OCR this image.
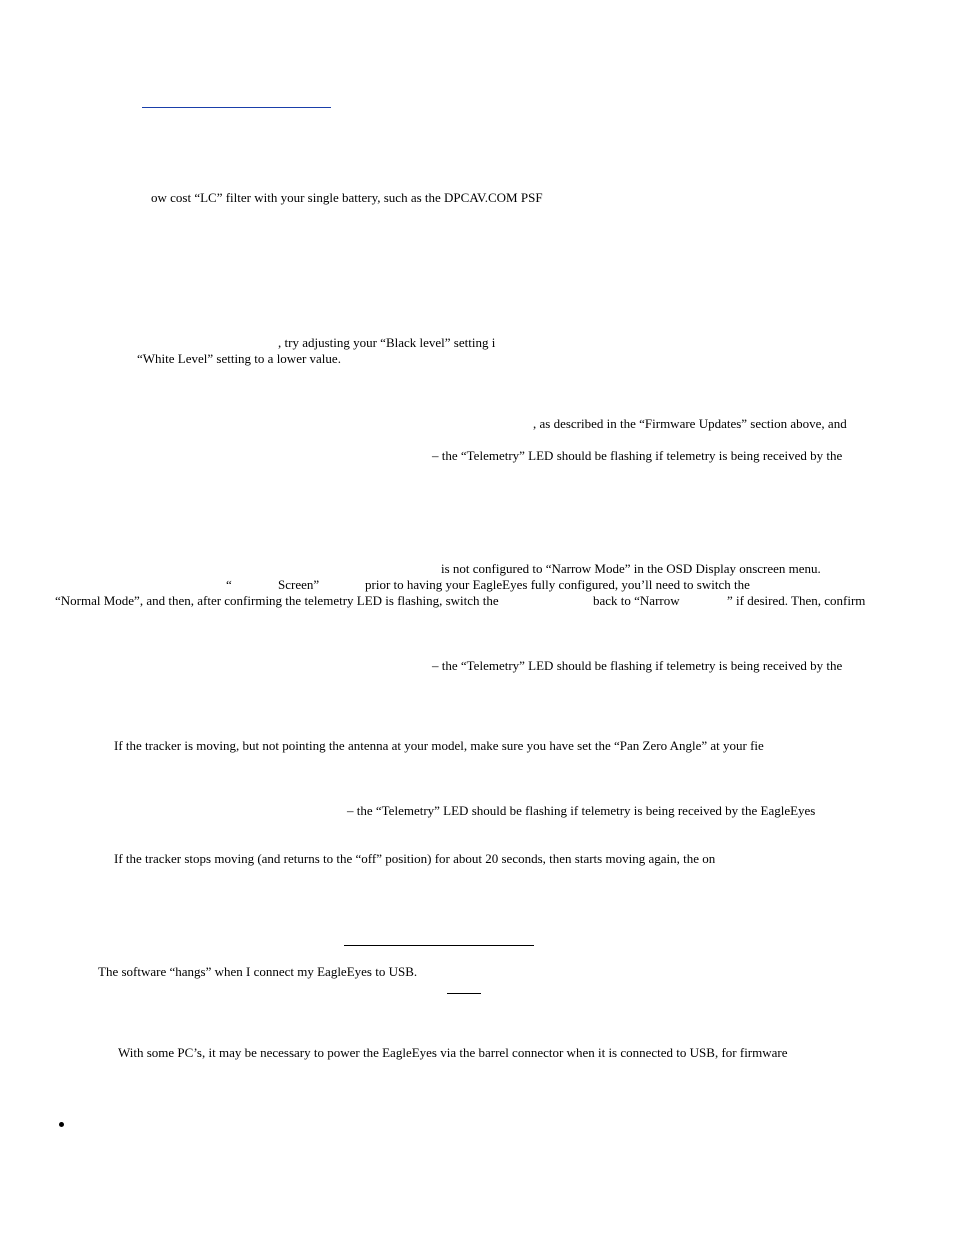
ow cost “LC” filter with your single battery, such as the DPCAV.COM PSF
, try adjusting your “Black level” setting i
“White Level” setting to a lower value.
, as described in the “Firmware Updates” section above, and
– the “Telemetry” LED should be flashing if telemetry is being received by the
is not configured to “Narrow Mode” in the OSD Display onscreen menu.
“	Screen”	prior to having your EagleEyes fully configured, you’ll need to switch the
“Normal Mode”, and then, after confirming the telemetry LED is flashing, switch the	back to “Narrow	” if desired. Then, confirm
– the “Telemetry” LED should be flashing if telemetry is being received by the
If the tracker is moving, but not pointing the antenna at your model, make sure you have set the “Pan Zero Angle” at your fie
– the “Telemetry” LED should be flashing if telemetry is being received by the EagleEyes
If the tracker stops moving (and returns to the “off” position) for about 20 seconds, then starts moving again, the on
The software “hangs” when I connect my EagleEyes to USB.
With some PC’s, it may be necessary to power the EagleEyes via the barrel connector when it is connected to USB, for firmware
